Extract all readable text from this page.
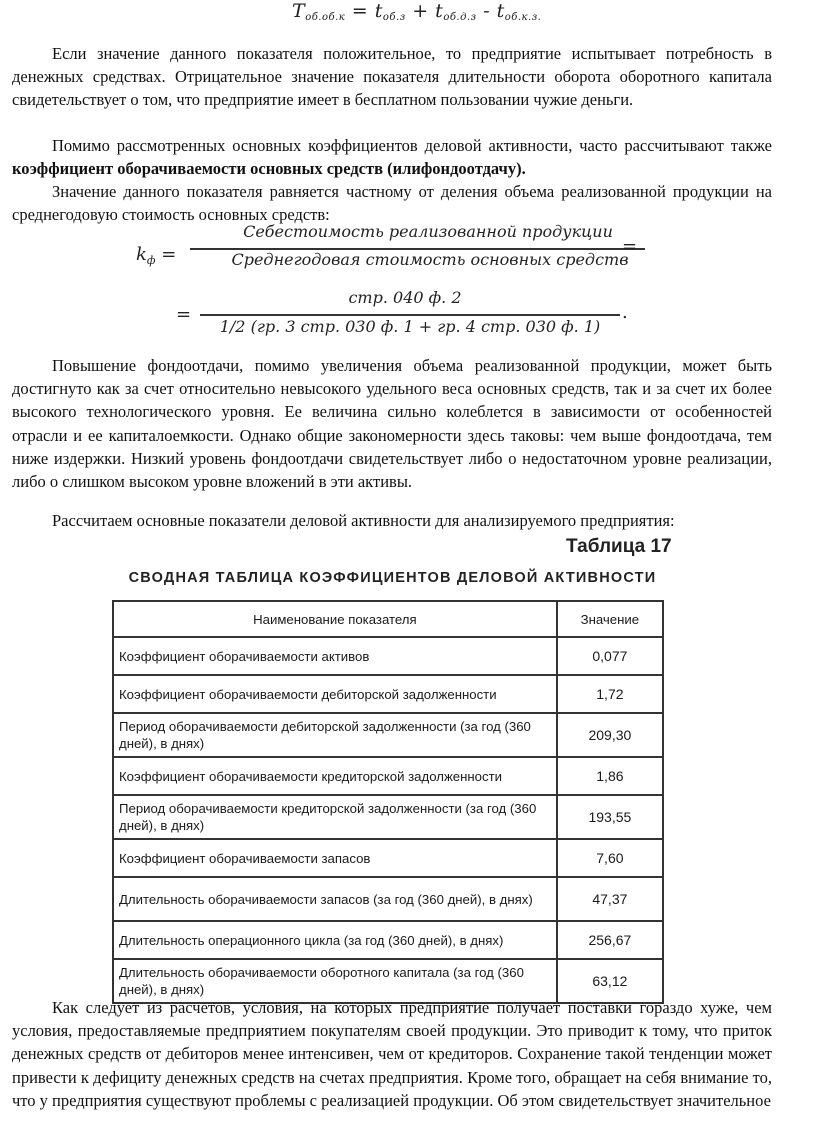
$T_{об.об.к} = t_{об.з} + t_{об.д.з} - t_{об.к.з.}$

Если значение данного показателя положительное, то предприятие испытывает потребность в денежных средствах. Отрицательное значение показателя длительности оборота оборотного капитала свидетельствует о том, что предприятие имеет в бесплатном пользовании чужие деньги.

Помимо рассмотренных основных коэффициентов деловой активности, часто рассчитывают также коэффициент оборачиваемости основных средств (илифондоотдачу).

Значение данного показателя равняется частному от деления объема реализованной продукции на среднегодовую стоимость основных средств:

$k_ф$ =
Себестоимость реализованной продукции
Среднегодовая стоимость основных средств
=
=
стр. 040 ф. 2
1/2 (гр. 3 стр. 030 ф. 1 + гр. 4 стр. 030 ф. 1)
.

Повышение фондоотдачи, помимо увеличения объема реализованной продукции, может быть достигнуто как за счет относительно невысокого удельного веса основных средств, так и за счет их более высокого технологического уровня. Ее величина сильно колеблется в зависимости от особенностей отрасли и ее капиталоемкости. Однако общие закономерности здесь таковы: чем выше фондоотдача, тем ниже издержки. Низкий уровень фондоотдачи свидетельствует либо о недостаточном уровне реализации, либо о слишком высоком уровне вложений в эти активы.

Рассчитаем основные показатели деловой активности для анализируемого предприятия:

Таблица 17
СВОДНАЯ ТАБЛИЦА КОЭФФИЦИЕНТОВ ДЕЛОВОЙ АКТИВНОСТИ
Наименование показателя	Значение
Коэффициент оборачиваемости активов	0,077
Коэффициент оборачиваемости дебиторской задолженности	1,72
Период оборачиваемости дебиторской задолженности (за год (360 дней), в днях)	209,30
Коэффициент оборачиваемости кредиторской задолженности	1,86
Период оборачиваемости кредиторской задолженности (за год (360 дней), в днях)	193,55
Коэффициент оборачиваемости запасов	7,60
Длительность оборачиваемости запасов (за год (360 дней), в днях)	47,37
Длительность операционного цикла (за год (360 дней), в днях)	256,67
Длительность оборачиваемости оборотного капитала (за год (360 дней), в днях)	63,12

Как следует из расчетов, условия, на которых предприятие получает поставки гораздо хуже, чем условия, предоставляемые предприятием покупателям своей продукции. Это приводит к тому, что приток денежных средств от дебиторов менее интенсивен, чем от кредиторов. Сохранение такой тенденции может привести к дефициту денежных средств на счетах предприятия. Кроме того, обращает на себя внимание то, что у предприятия существуют проблемы с реализацией продукции. Об этом свидетельствует значительное
